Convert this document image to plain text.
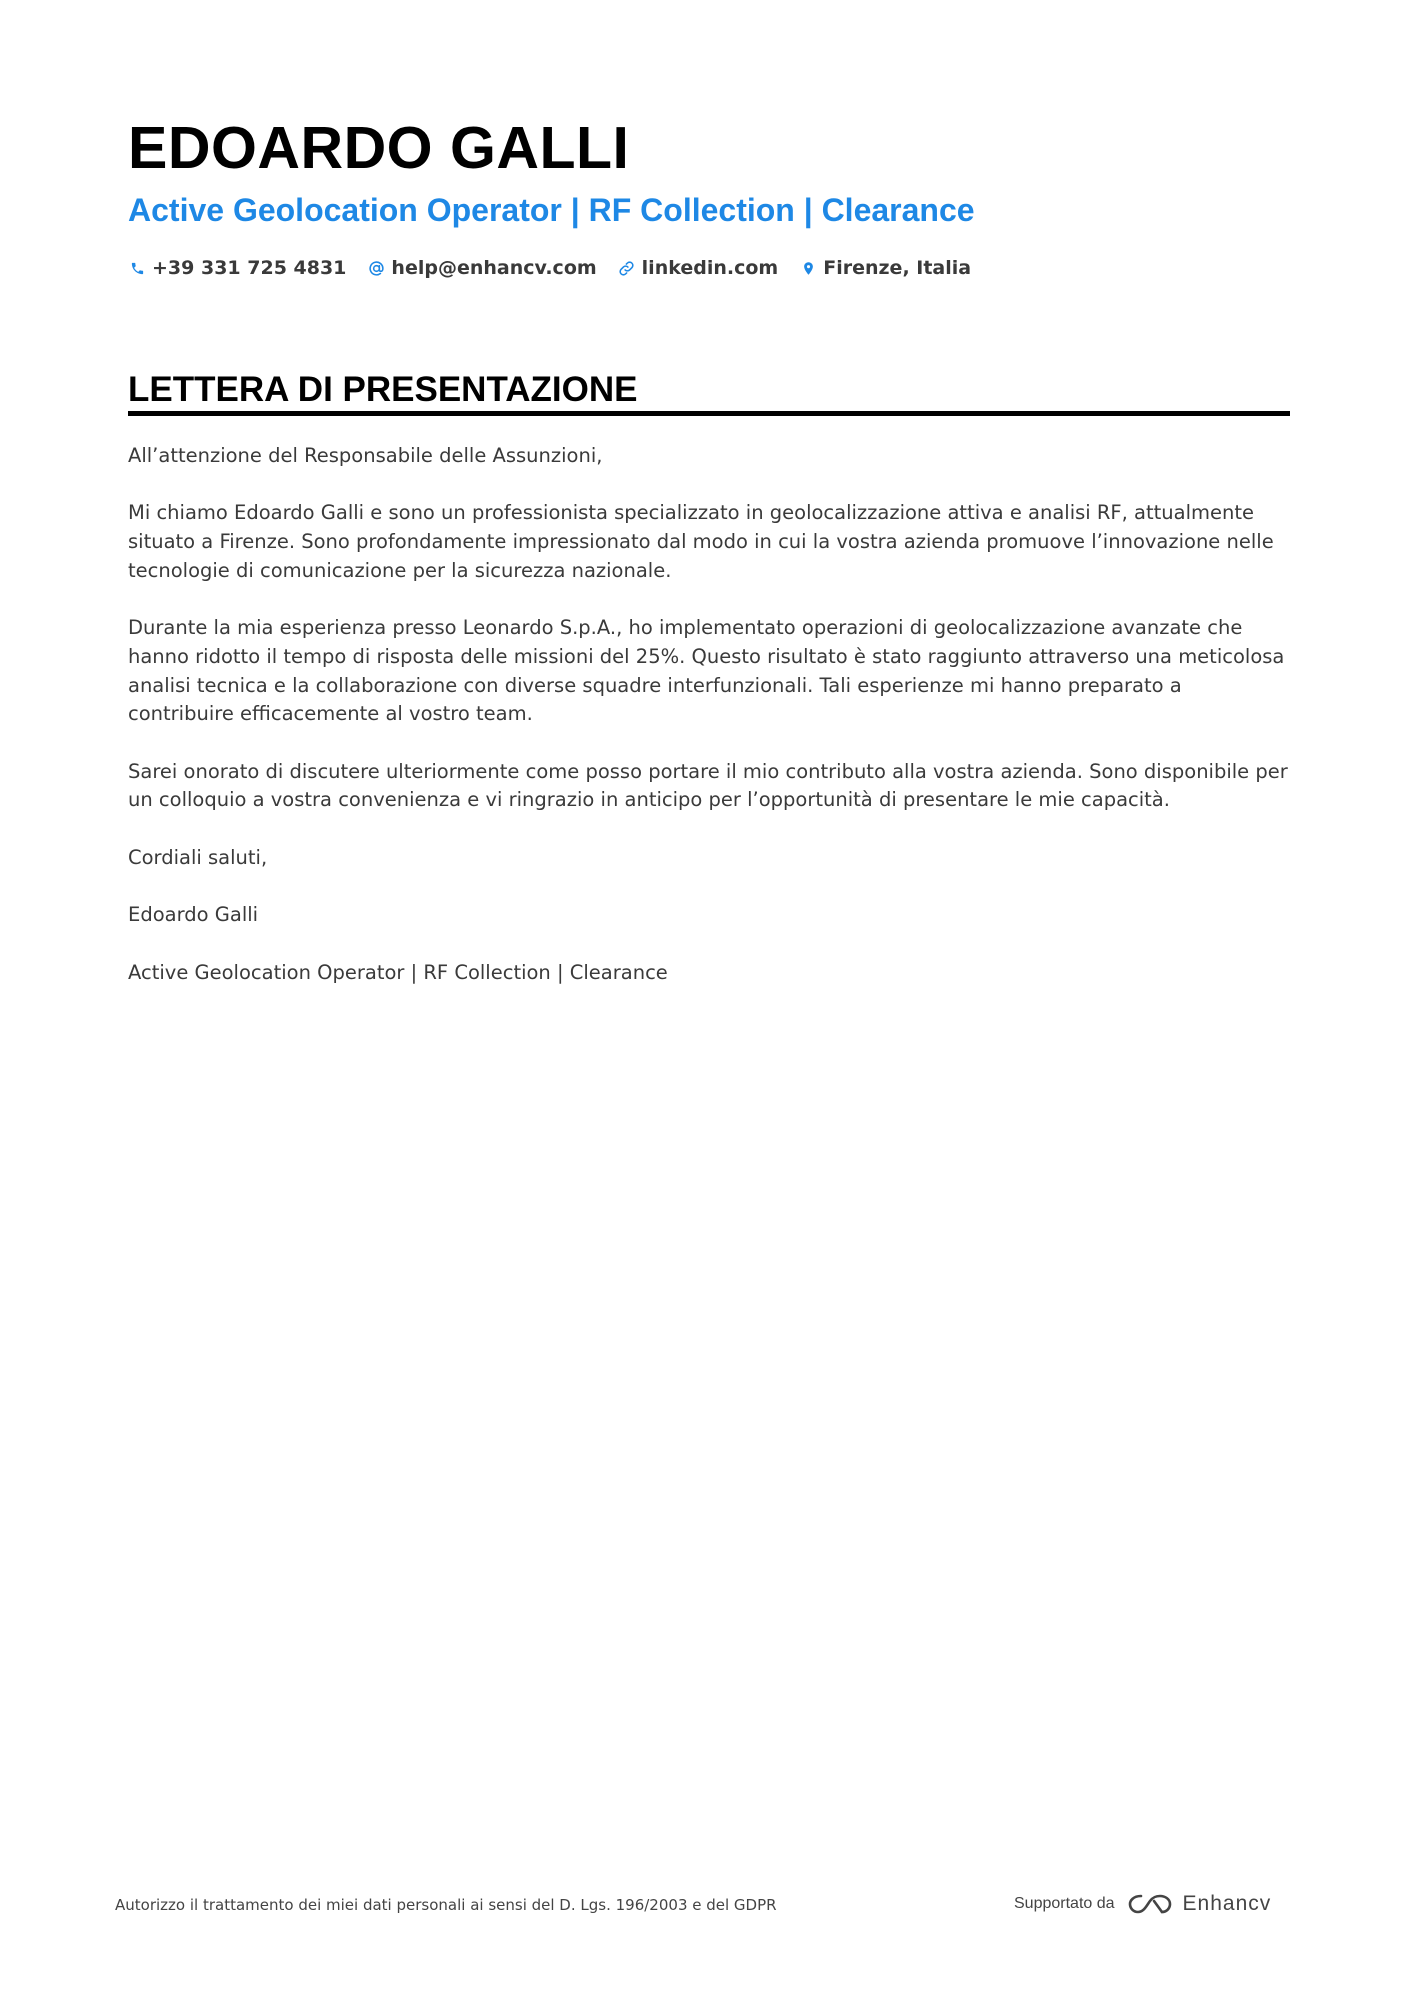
EDOARDO GALLI
Active Geolocation Operator | RF Collection | Clearance
+39 331 725 4831 help@enhancv.com linkedin.com Firenze, Italia
LETTERA DI PRESENTAZIONE

All’attenzione del Responsabile delle Assunzioni,

Mi chiamo Edoardo Galli e sono un professionista specializzato in geolocalizzazione attiva e analisi RF, attualmente situato a Firenze. Sono profondamente impressionato dal modo in cui la vostra azienda promuove l’innovazione nelle tecnologie di comunicazione per la sicurezza nazionale.

Durante la mia esperienza presso Leonardo S.p.A., ho implementato operazioni di geolocalizzazione avanzate che hanno ridotto il tempo di risposta delle missioni del 25%. Questo risultato è stato raggiunto attraverso una meticolosa analisi tecnica e la collaborazione con diverse squadre interfunzionali. Tali esperienze mi hanno preparato a contribuire efficacemente al vostro team.

Sarei onorato di discutere ulteriormente come posso portare il mio contributo alla vostra azienda. Sono disponibile per un colloquio a vostra convenienza e vi ringrazio in anticipo per l’opportunità di presentare le mie capacità.

Cordiali saluti,

Edoardo Galli

Active Geolocation Operator | RF Collection | Clearance

Autorizzo il trattamento dei miei dati personali ai sensi del D. Lgs. 196/2003 e del GDPR	Supportato da	Enhancv
